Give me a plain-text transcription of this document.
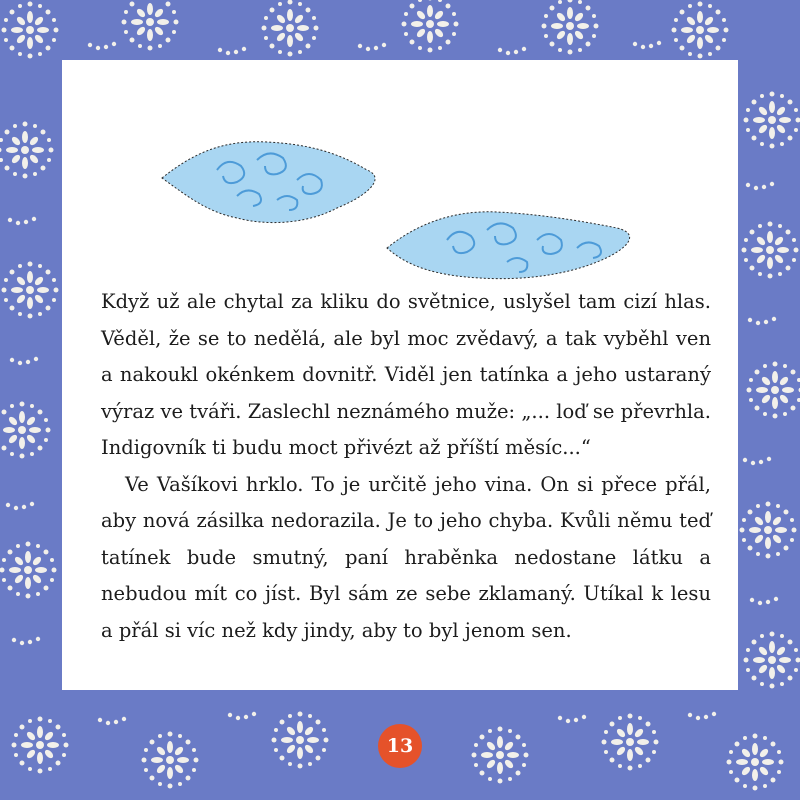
Když už ale chytal za kliku do světnice, uslyšel tam cizí hlas. Věděl, že se to nedělá, ale byl moc zvědavý, a tak vyběhl ven a nakoukl okénkem dovnitř. Viděl jen tatínka a jeho ustaraný výraz ve tváři. Zaslechl neznámého muže: „... loď se převrhla. Indigovník ti budu moct přivézt až příští měsíc...“

Ve Vašíkovi hrklo. To je určitě jeho vina. On si přece přál, aby nová zásilka nedorazila. Je to jeho chyba. Kvůli němu teď tatínek bude smutný, paní hraběnka nedostane látku a nebudou mít co jíst. Byl sám ze sebe zklamaný. Utíkal k lesu a přál si víc než kdy jindy, aby to byl jenom sen.

13
